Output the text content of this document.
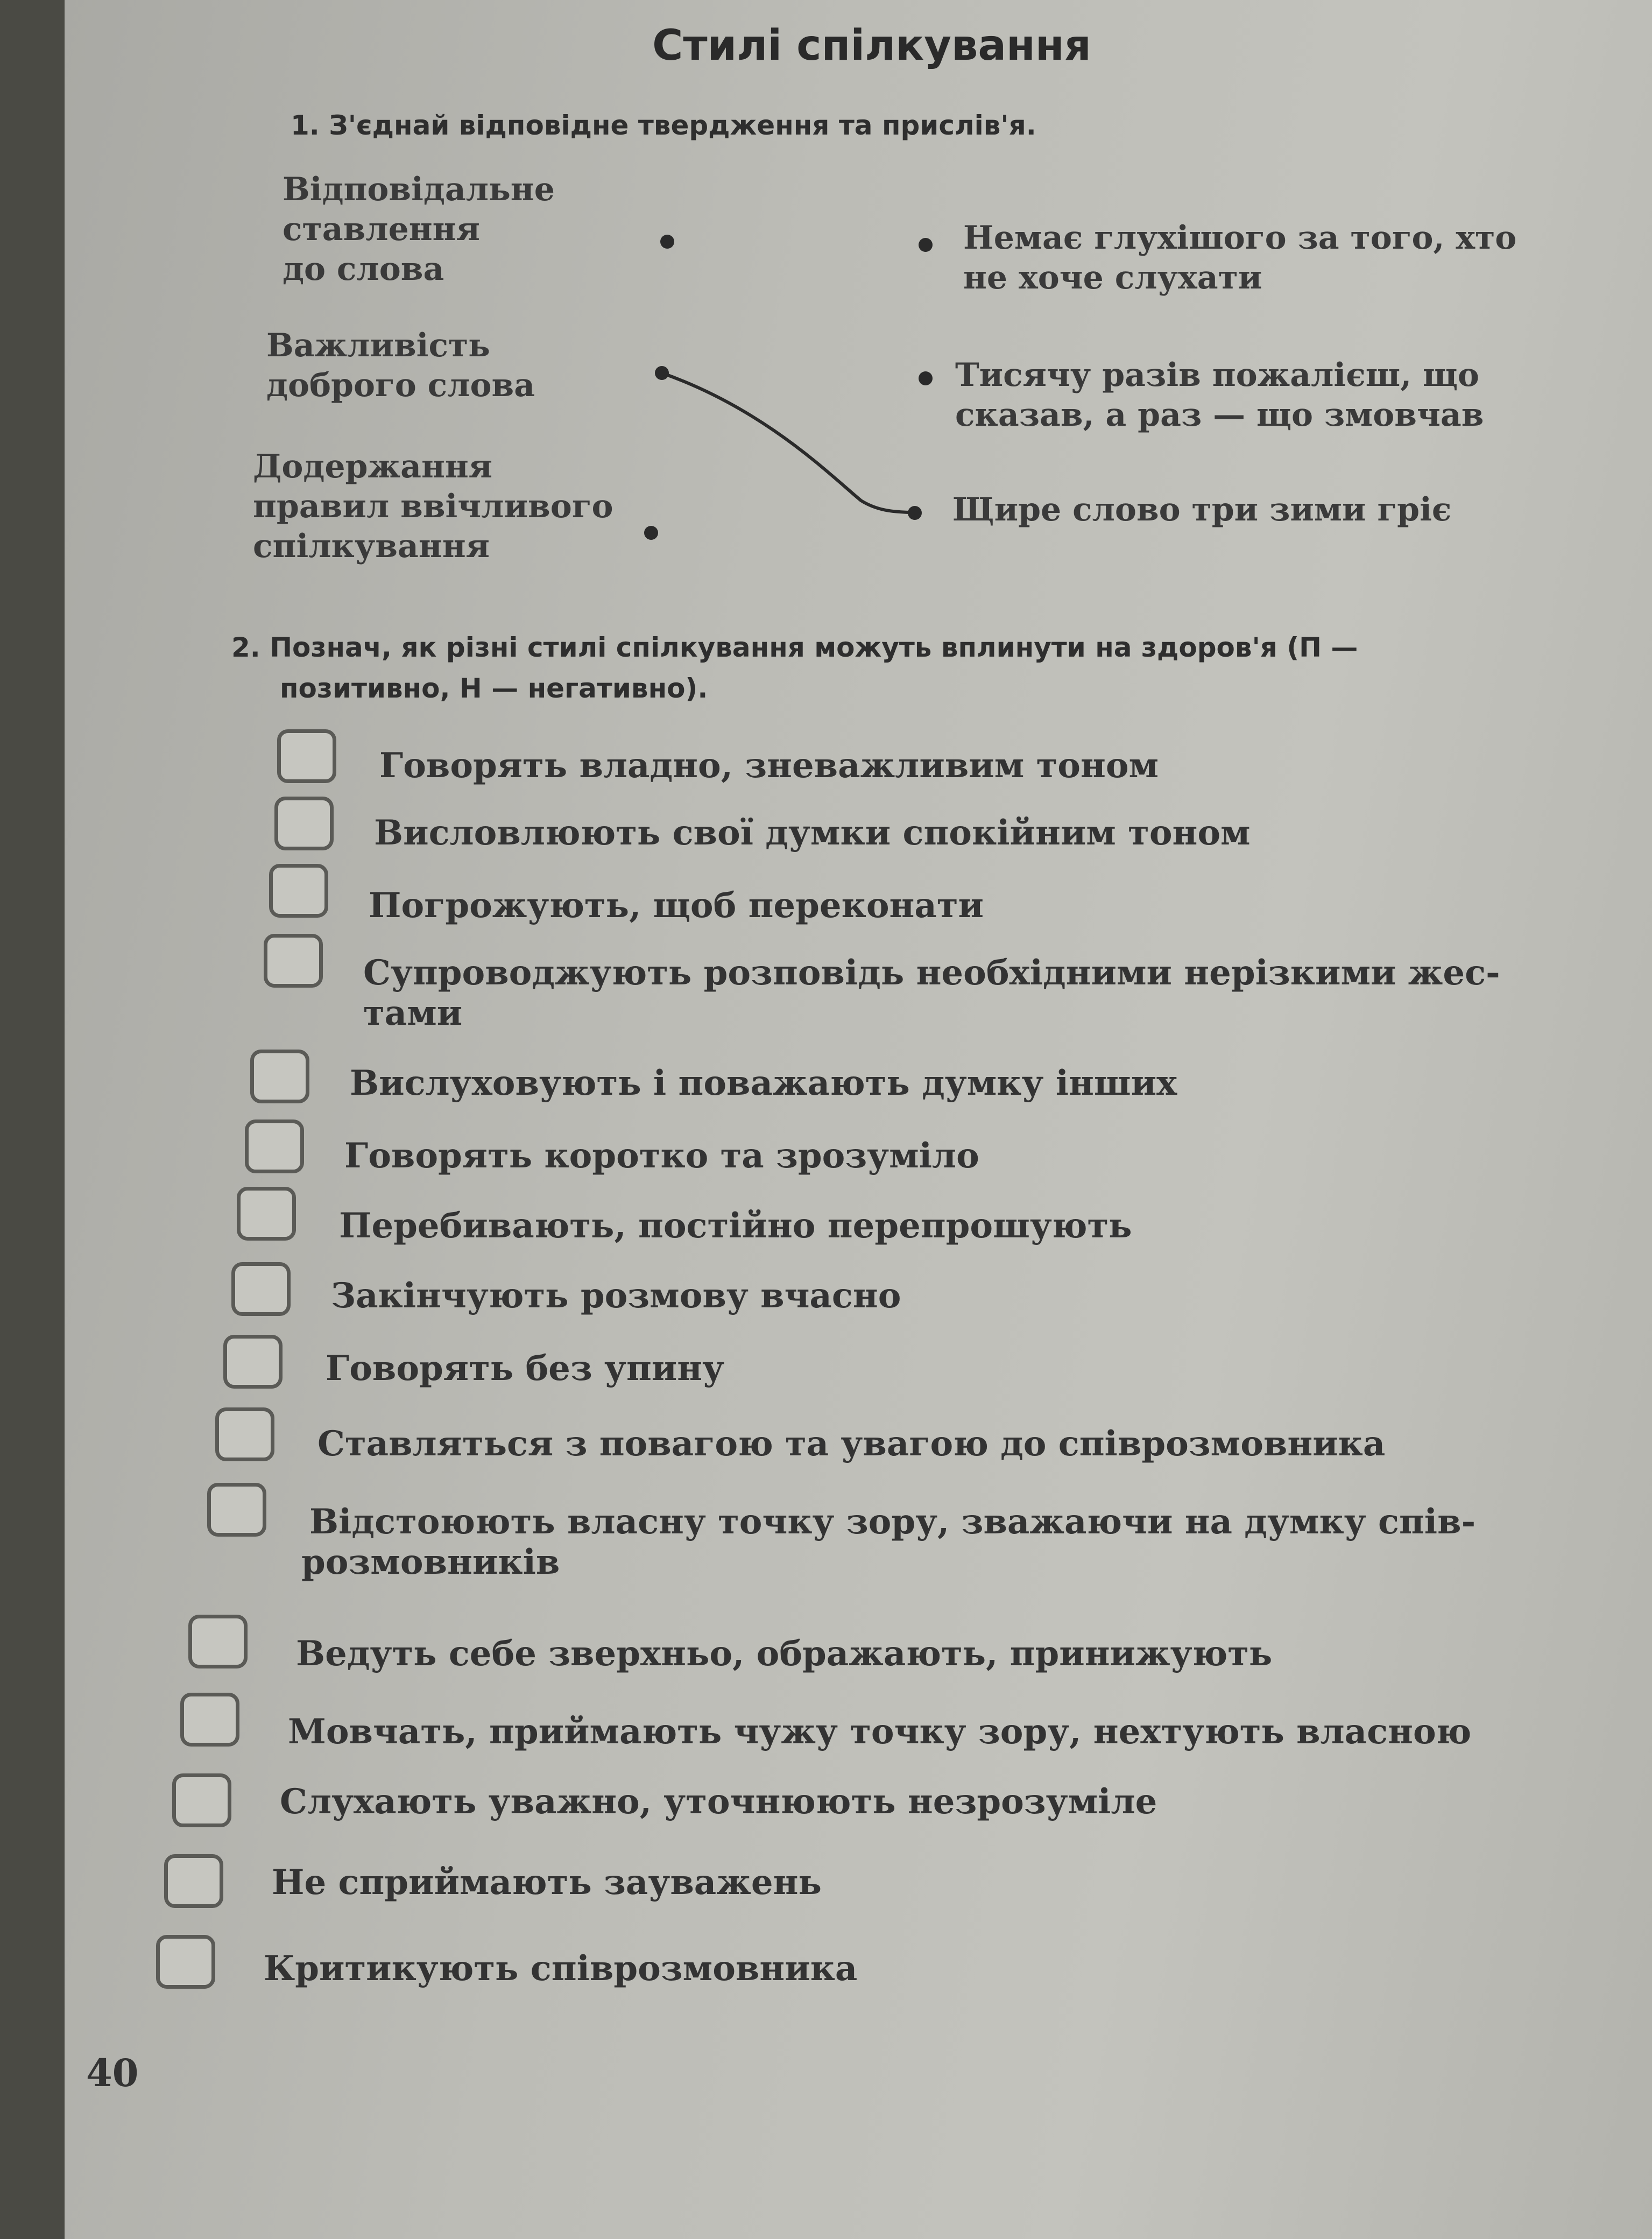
Стилі спілкування
1. З'єднай відповідне твердження та прислів'я.
Відповідальне
ставлення
до слова
Важливість
доброго слова
Додержання
правил ввічливого
спілкування
Немає глухішого за того, хто
не хоче слухати
Тисячу разів пожалієш, що
сказав, а раз — що змовчав
Щире слово три зими гріє
2. Познач, як різні стилі спілкування можуть вплинути на здоров'я (П —
позитивно, Н — негативно).
Говорять владно, зневажливим тоном
Висловлюють свої думки спокійним тоном
Погрожують, щоб переконати
Супроводжують розповідь необхідними нерізкими жес-
тами
Вислуховують і поважають думку інших
Говорять коротко та зрозуміло
Перебивають, постійно перепрошують
Закінчують розмову вчасно
Говорять без упину
Ставляться з повагою та увагою до співрозмовника
Відстоюють власну точку зору, зважаючи на думку спів-
розмовників
Ведуть себе зверхньо, ображають, принижують
Мовчать, приймають чужу точку зору, нехтують власною
Слухають уважно, уточнюють незрозуміле
Не сприймають зауважень
Критикують співрозмовника
40
